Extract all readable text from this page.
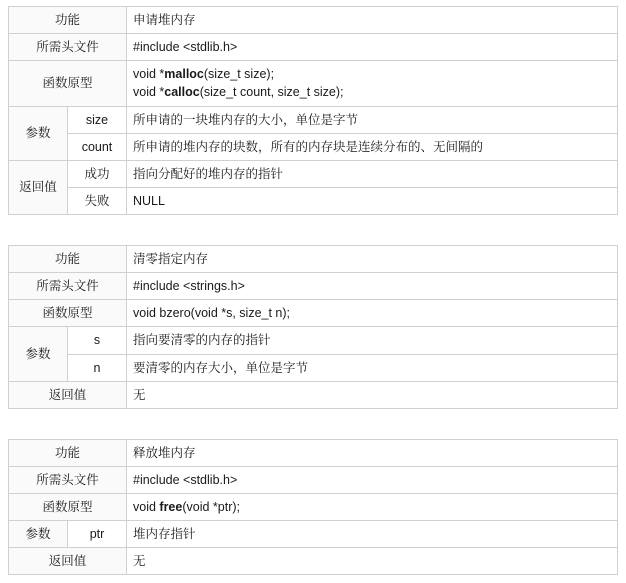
功能		申请堆内存
所需头文件		#include <stdlib.h>
函数原型		void *malloc(size_t size);
void *calloc(size_t count, size_t size);

参数	size	所申请的一块堆内存的大小，单位是字节
	count	所申请的堆内存的块数，所有的内存块是连续分布的、无间隔的
返回值	成功	指向分配好的堆内存的指针
	失败	NULL
功能		清零指定内存
所需头文件		#include <strings.h>
函数原型		void bzero(void *s, size_t n);

参数	s	指向要清零的内存的指针
	n	要清零的内存大小，单位是字节
返回值		无
功能		释放堆内存
所需头文件		#include <stdlib.h>
函数原型		void free(void *ptr);

参数	ptr	堆内存指针
返回值		无
